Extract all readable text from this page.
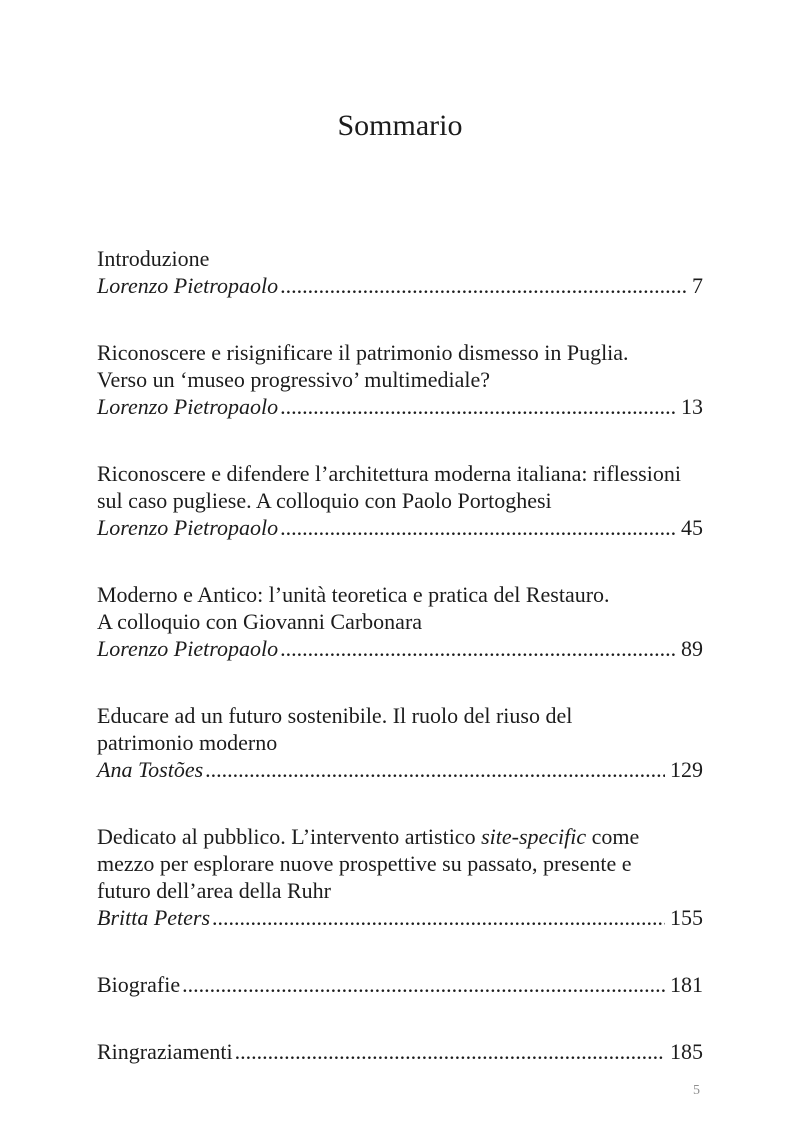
Sommario
Introduzione
Lorenzo Pietropaolo .....	7
Riconoscere e risignificare il patrimonio dismesso in Puglia.
Verso un ‘museo progressivo’ multimediale?
Lorenzo Pietropaolo .....	13
Riconoscere e difendere l’architettura moderna italiana: riflessioni
sul caso pugliese. A colloquio con Paolo Portoghesi
Lorenzo Pietropaolo .....	45
Moderno e Antico: l’unità teoretica e pratica del Restauro.
A colloquio con Giovanni Carbonara
Lorenzo Pietropaolo .....	89
Educare ad un futuro sostenibile. Il ruolo del riuso del
patrimonio moderno
Ana Tostões .....	129
Dedicato al pubblico. L’intervento artistico site-specific come
mezzo per esplorare nuove prospettive su passato, presente e
futuro dell’area della Ruhr
Britta Peters .....	155
Biografie .....	181
Ringraziamenti .....	185
5
